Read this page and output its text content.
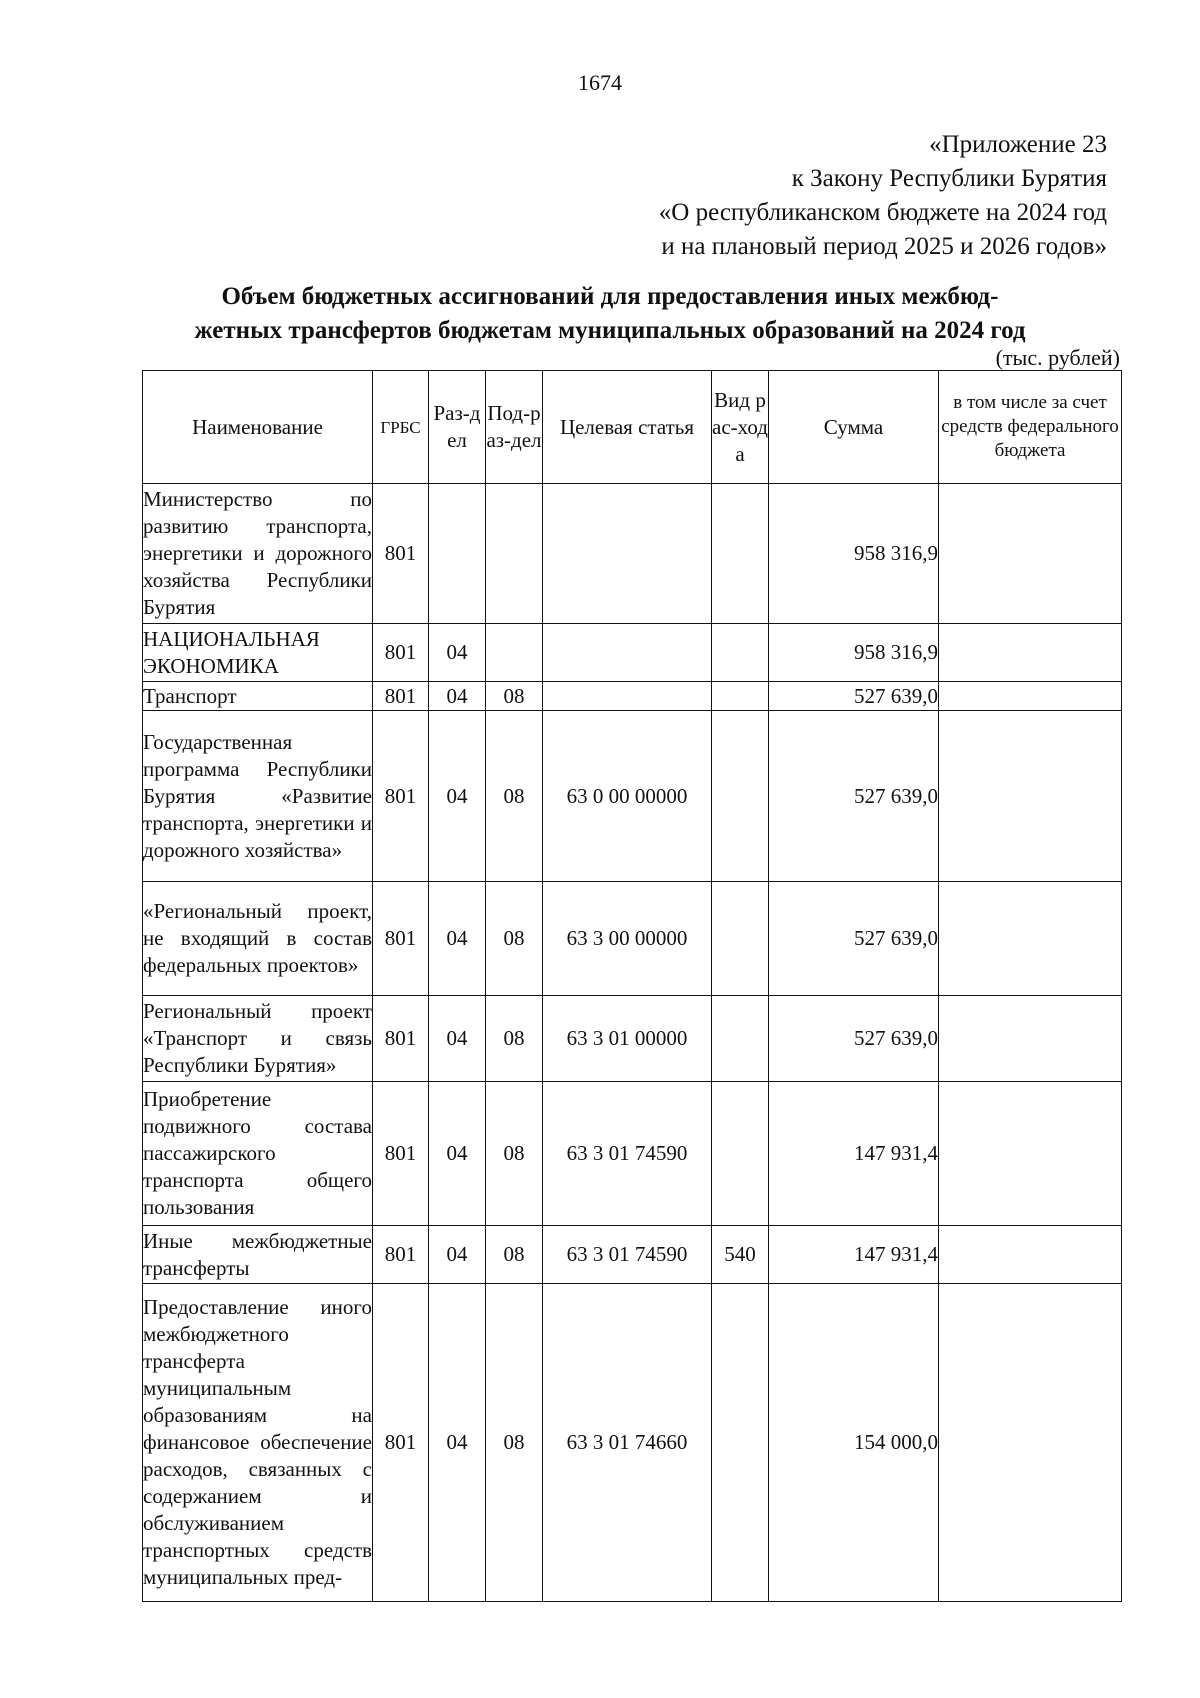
1674
«Приложение 23
к Закону Республики Бурятия
«О республиканском бюджете на 2024 год
и на плановый период 2025 и 2026 годов»
Объем бюджетных ассигнований для предоставления иных межбюд-
жетных трансфертов бюджетам муниципальных образований на 2024 год
(тыс. рублей)
Наименование	ГРБС	Раз-дел	Под-раз-дел	Целевая статья	Вид рас-хода	Сумма	в том числе за счет средств федерального бюджета
Министерство по развитию транспорта, энергетики и дорожного хозяйства Республики Бурятия	801					958 316,9	
НАЦИОНАЛЬНАЯ ЭКОНОМИКА	801	04				958 316,9	
Транспорт	801	04	08			527 639,0	
Государственная программа Республики Бурятия «Развитие транспорта, энергетики и дорожного хозяйства»	801	04	08	63 0 00 00000		527 639,0	
«Региональный проект, не входящий в состав федеральных проектов»	801	04	08	63 3 00 00000		527 639,0	
Региональный проект «Транспорт и связь Республики Бурятия»	801	04	08	63 3 01 00000		527 639,0	
Приобретение подвижного состава пассажирского транспорта общего пользования	801	04	08	63 3 01 74590		147 931,4	
Иные межбюджетные трансферты	801	04	08	63 3 01 74590	540	147 931,4	
Предоставление иного межбюджетного трансферта муниципальным образованиям на финансовое обеспечение расходов, связанных с содержанием и обслуживанием транспортных средств муниципальных пред-	801	04	08	63 3 01 74660		154 000,0	
